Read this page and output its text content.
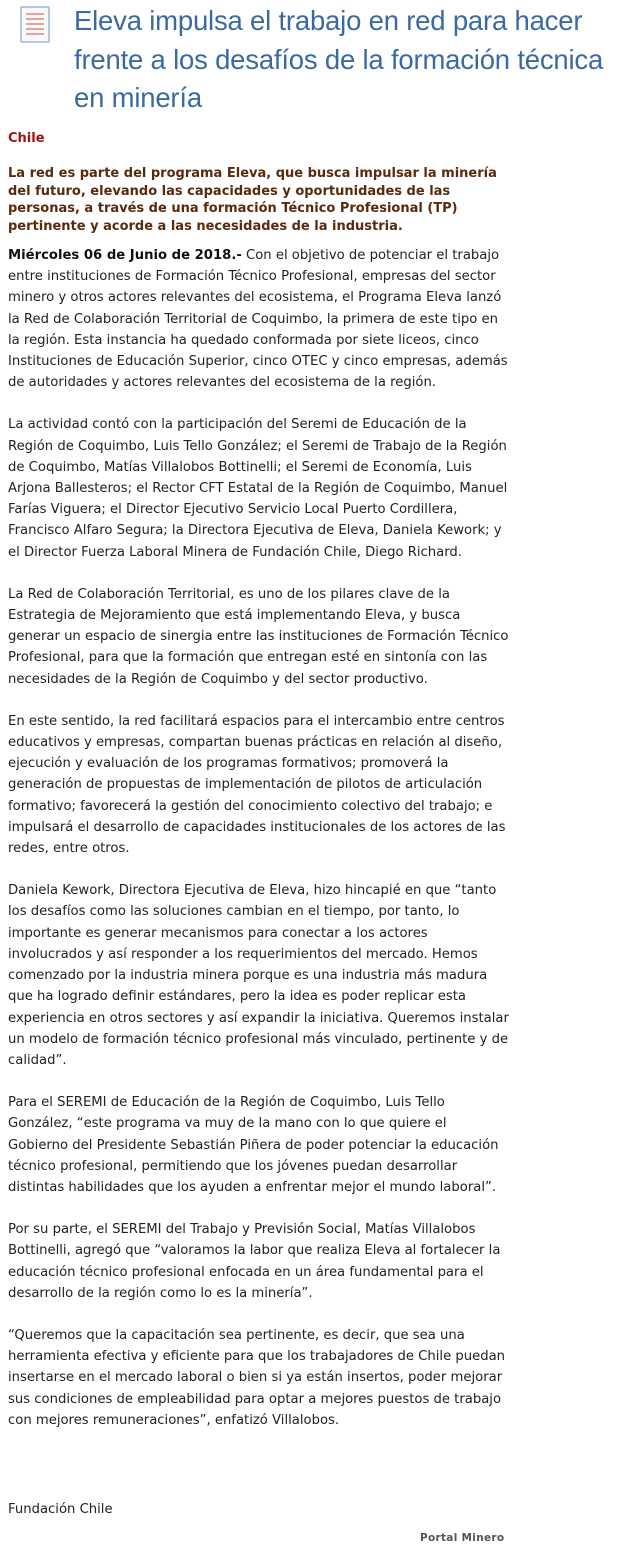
Eleva impulsa el trabajo en red para hacer frente a los desafíos de la formación técnica en minería

Chile

La red es parte del programa Eleva, que busca impulsar la minería del futuro, elevando las capacidades y oportunidades de las personas, a través de una formación Técnico Profesional (TP) pertinente y acorde a las necesidades de la industria.

Miércoles 06 de Junio de 2018.- Con el objetivo de potenciar el trabajo entre instituciones de Formación Técnico Profesional, empresas del sector minero y otros actores relevantes del ecosistema, el Programa Eleva lanzó la Red de Colaboración Territorial de Coquimbo, la primera de este tipo en la región. Esta instancia ha quedado conformada por siete liceos, cinco Instituciones de Educación Superior, cinco OTEC y cinco empresas, además de autoridades y actores relevantes del ecosistema de la región.

La actividad contó con la participación del Seremi de Educación de la Región de Coquimbo, Luis Tello González; el Seremi de Trabajo de la Región de Coquimbo, Matías Villalobos Bottinelli; el Seremi de Economía, Luis Arjona Ballesteros; el Rector CFT Estatal de la Región de Coquimbo, Manuel Farías Viguera; el Director Ejecutivo Servicio Local Puerto Cordillera, Francisco Alfaro Segura; la Directora Ejecutiva de Eleva, Daniela Kework; y el Director Fuerza Laboral Minera de Fundación Chile, Diego Richard.

La Red de Colaboración Territorial, es uno de los pilares clave de la Estrategia de Mejoramiento que está implementando Eleva, y busca generar un espacio de sinergia entre las instituciones de Formación Técnico Profesional, para que la formación que entregan esté en sintonía con las necesidades de la Región de Coquimbo y del sector productivo.

En este sentido, la red facilitará espacios para el intercambio entre centros educativos y empresas, compartan buenas prácticas en relación al diseño, ejecución y evaluación de los programas formativos; promoverá la generación de propuestas de implementación de pilotos de articulación formativo; favorecerá la gestión del conocimiento colectivo del trabajo; e impulsará el desarrollo de capacidades institucionales de los actores de las redes, entre otros.

Daniela Kework, Directora Ejecutiva de Eleva, hizo hincapié en que “tanto los desafíos como las soluciones cambian en el tiempo, por tanto, lo importante es generar mecanismos para conectar a los actores involucrados y así responder a los requerimientos del mercado. Hemos comenzado por la industria minera porque es una industria más madura que ha logrado definir estándares, pero la idea es poder replicar esta experiencia en otros sectores y así expandir la iniciativa. Queremos instalar un modelo de formación técnico profesional más vinculado, pertinente y de calidad”.

Para el SEREMI de Educación de la Región de Coquimbo, Luis Tello González, “este programa va muy de la mano con lo que quiere el Gobierno del Presidente Sebastián Piñera de poder potenciar la educación técnico profesional, permitiendo que los jóvenes puedan desarrollar distintas habilidades que los ayuden a enfrentar mejor el mundo laboral”.

Por su parte, el SEREMI del Trabajo y Previsión Social, Matías Villalobos Bottinelli, agregó que “valoramos la labor que realiza Eleva al fortalecer la educación técnico profesional enfocada en un área fundamental para el desarrollo de la región como lo es la minería”.

“Queremos que la capacitación sea pertinente, es decir, que sea una herramienta efectiva y eficiente para que los trabajadores de Chile puedan insertarse en el mercado laboral o bien si ya están insertos, poder mejorar sus condiciones de empleabilidad para optar a mejores puestos de trabajo con mejores remuneraciones”, enfatizó Villalobos.

Fundación Chile

Portal Minero
